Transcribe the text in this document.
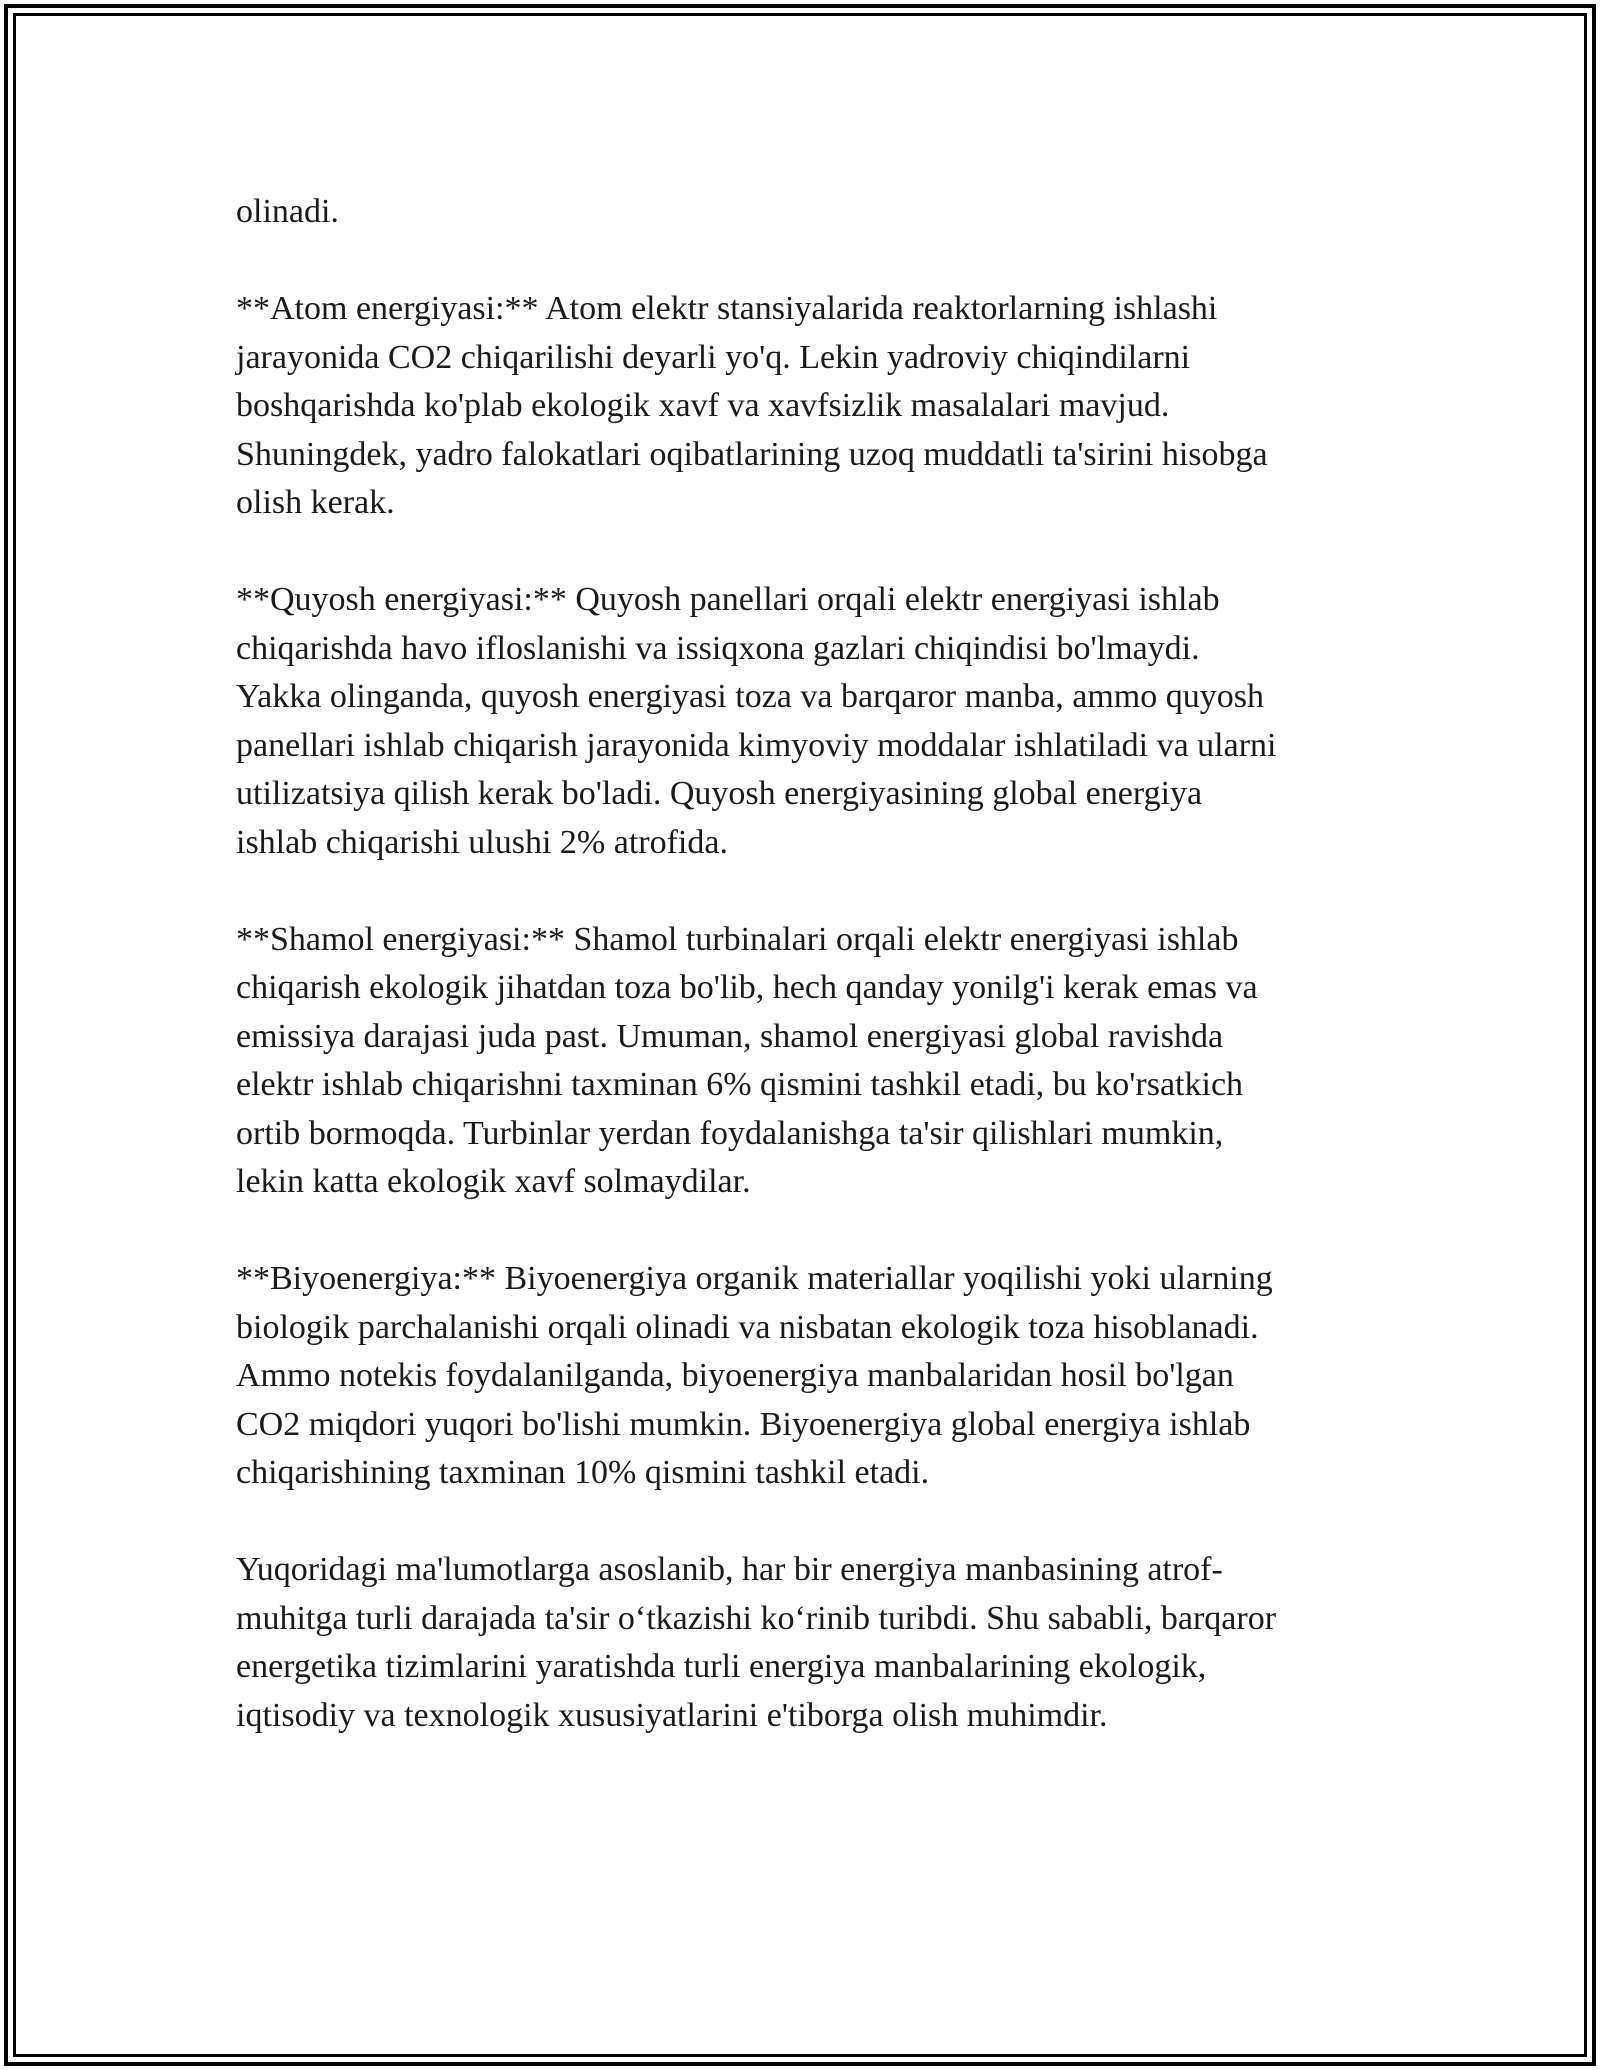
olinadi.

**Atom energiyasi:** Atom elektr stansiyalarida reaktorlarning ishlashi
jarayonida CO2 chiqarilishi deyarli yo'q. Lekin yadroviy chiqindilarni
boshqarishda ko'plab ekologik xavf va xavfsizlik masalalari mavjud.
Shuningdek, yadro falokatlari oqibatlarining uzoq muddatli ta'sirini hisobga
olish kerak.

**Quyosh energiyasi:** Quyosh panellari orqali elektr energiyasi ishlab
chiqarishda havo ifloslanishi va issiqxona gazlari chiqindisi bo'lmaydi.
Yakka olinganda, quyosh energiyasi toza va barqaror manba, ammo quyosh
panellari ishlab chiqarish jarayonida kimyoviy moddalar ishlatiladi va ularni
utilizatsiya qilish kerak bo'ladi. Quyosh energiyasining global energiya
ishlab chiqarishi ulushi 2% atrofida.

**Shamol energiyasi:** Shamol turbinalari orqali elektr energiyasi ishlab
chiqarish ekologik jihatdan toza bo'lib, hech qanday yonilg'i kerak emas va
emissiya darajasi juda past. Umuman, shamol energiyasi global ravishda
elektr ishlab chiqarishni taxminan 6% qismini tashkil etadi, bu ko'rsatkich
ortib bormoqda. Turbinlar yerdan foydalanishga ta'sir qilishlari mumkin,
lekin katta ekologik xavf solmaydilar.

**Biyoenergiya:** Biyoenergiya organik materiallar yoqilishi yoki ularning
biologik parchalanishi orqali olinadi va nisbatan ekologik toza hisoblanadi.
Ammo notekis foydalanilganda, biyoenergiya manbalaridan hosil bo'lgan
CO2 miqdori yuqori bo'lishi mumkin. Biyoenergiya global energiya ishlab
chiqarishining taxminan 10% qismini tashkil etadi.

Yuqoridagi ma'lumotlarga asoslanib, har bir energiya manbasining atrof-
muhitga turli darajada ta'sir o‘tkazishi ko‘rinib turibdi. Shu sababli, barqaror
energetika tizimlarini yaratishda turli energiya manbalarining ekologik,
iqtisodiy va texnologik xususiyatlarini e'tiborga olish muhimdir.
